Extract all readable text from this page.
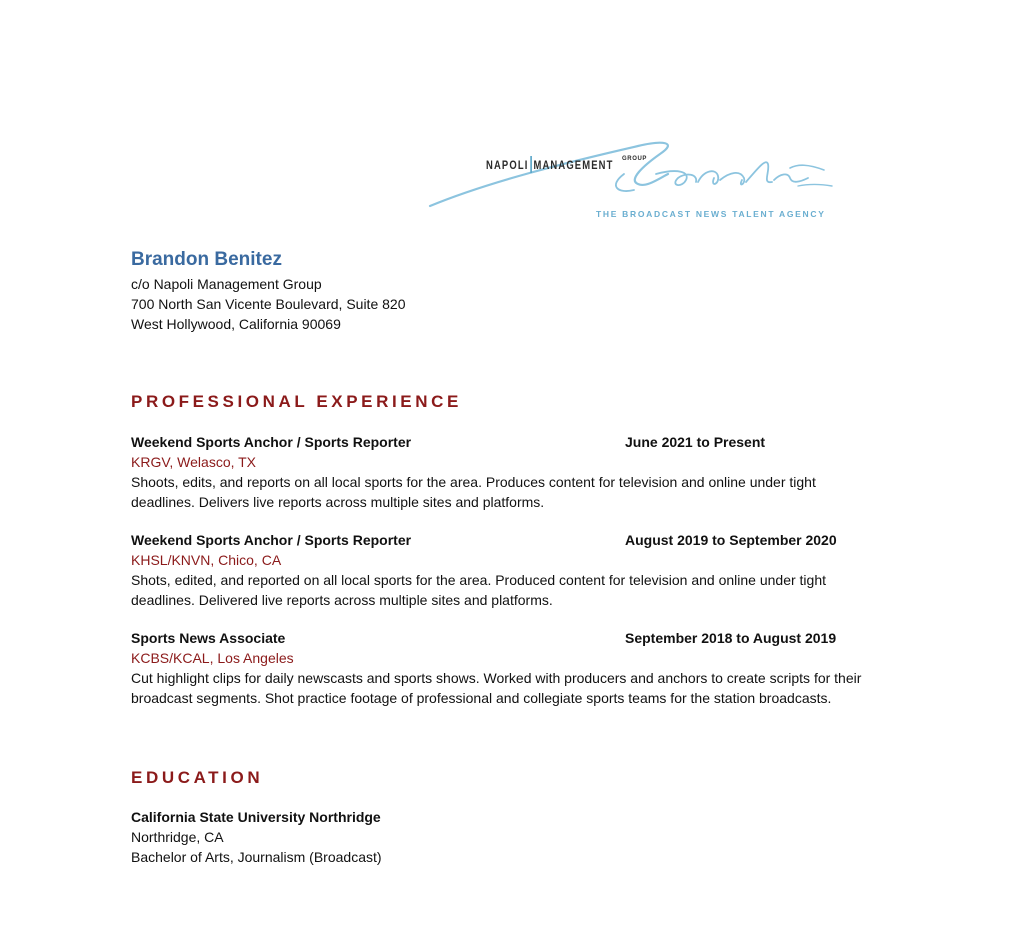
NAPOLI MANAGEMENT
GROUP
THE BROADCAST NEWS TALENT AGENCY
Brandon Benitez
c/o Napoli Management Group
700 North San Vicente Boulevard, Suite 820
West Hollywood, California 90069
PROFESSIONAL EXPERIENCE
Weekend Sports Anchor / Sports Reporter	June 2021 to Present
KRGV, Welasco, TX
Shoots, edits, and reports on all local sports for the area. Produces content for television and online under tight
deadlines. Delivers live reports across multiple sites and platforms.
Weekend Sports Anchor / Sports Reporter	August 2019 to September 2020
KHSL/KNVN, Chico, CA
Shots, edited, and reported on all local sports for the area. Produced content for television and online under tight
deadlines. Delivered live reports across multiple sites and platforms.
Sports News Associate	September 2018 to August 2019
KCBS/KCAL, Los Angeles
Cut highlight clips for daily newscasts and sports shows. Worked with producers and anchors to create scripts for their
broadcast segments. Shot practice footage of professional and collegiate sports teams for the station broadcasts.
EDUCATION
California State University Northridge
Northridge, CA
Bachelor of Arts, Journalism (Broadcast)
